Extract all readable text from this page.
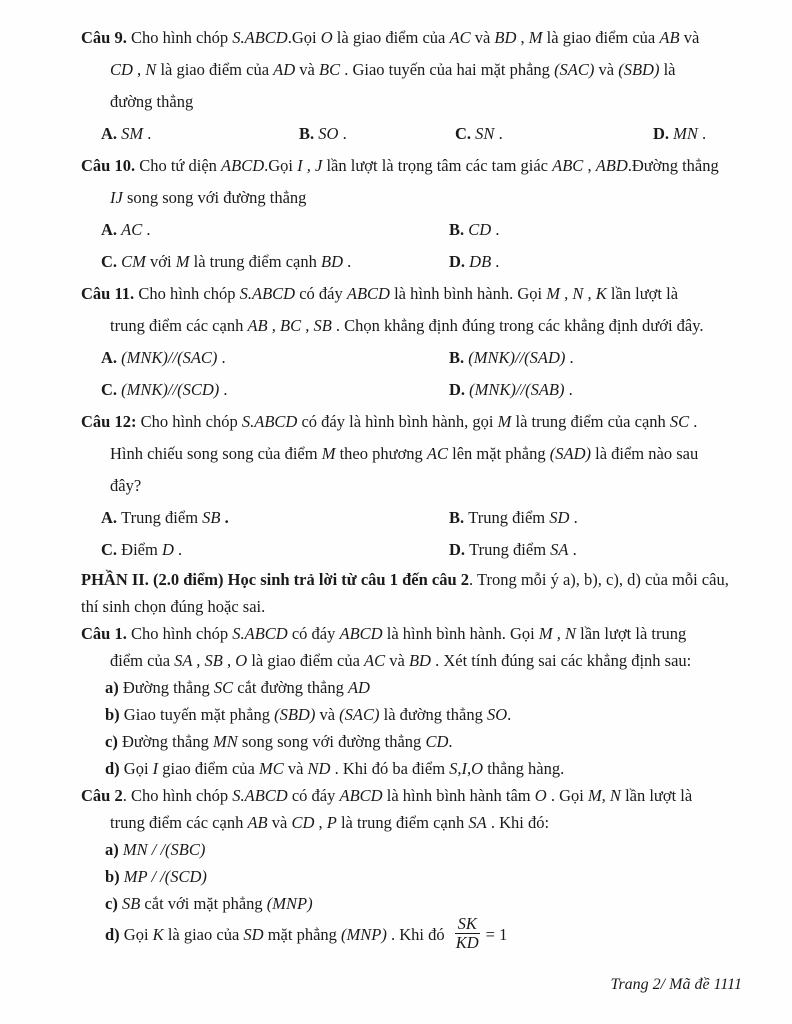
Câu 9. Cho hình chóp S.ABCD.Gọi O là giao điểm của AC và BD , M là giao điểm của AB và
CD , N là giao điểm của AD và BC . Giao tuyến của hai mặt phẳng (SAC) và (SBD) là
đường thẳng
A. SM .	B. SO .	C. SN .	D. MN .
Câu 10. Cho tứ diện ABCD.Gọi I , J lần lượt là trọng tâm các tam giác ABC , ABD.Đường thẳng
IJ song song với đường thẳng
A. AC .	B. CD .
C. CM với M là trung điểm cạnh BD .	D. DB .
Câu 11. Cho hình chóp S.ABCD có đáy ABCD là hình bình hành. Gọi M , N , K lần lượt là
trung điểm các cạnh AB , BC , SB . Chọn khẳng định đúng trong các khẳng định dưới đây.
A. (MNK)//(SAC) .	B. (MNK)//(SAD) .
C. (MNK)//(SCD) .	D. (MNK)//(SAB) .
Câu 12: Cho hình chóp S.ABCD có đáy là hình bình hành, gọi M là trung điểm của cạnh SC .
Hình chiếu song song của điểm M theo phương AC lên mặt phẳng (SAD) là điểm nào sau
đây?
A. Trung điểm SB .	B. Trung điểm SD .
C. Điểm D .	D. Trung điểm SA .
PHẦN II. (2.0 điểm) Học sinh trả lời từ câu 1 đến câu 2. Trong mỗi ý a), b), c), d) của mỗi câu,
thí sinh chọn đúng hoặc sai.
Câu 1. Cho hình chóp S.ABCD có đáy ABCD là hình bình hành. Gọi M , N lần lượt là trung
điểm của SA , SB , O là giao điểm của AC và BD . Xét tính đúng sai các khẳng định sau:
a) Đường thẳng SC cắt đường thẳng AD
b) Giao tuyến mặt phẳng (SBD) và (SAC) là đường thẳng SO.
c) Đường thẳng MN song song với đường thẳng CD.
d) Gọi I giao điểm của MC và ND . Khi đó ba điểm S,I,O thẳng hàng.
Câu 2. Cho hình chóp S.ABCD có đáy ABCD là hình bình hành tâm O . Gọi M, N lần lượt là
trung điểm các cạnh AB và CD , P là trung điểm cạnh SA . Khi đó:
a) MN / /(SBC)
b) MP / /(SCD)
c) SB cắt với mặt phẳng (MNP)
d) Gọi K là giao của SD mặt phẳng (MNP) . Khi đó $\frac{SK}{KD} = 1$
Trang 2/ Mã đề 1111
